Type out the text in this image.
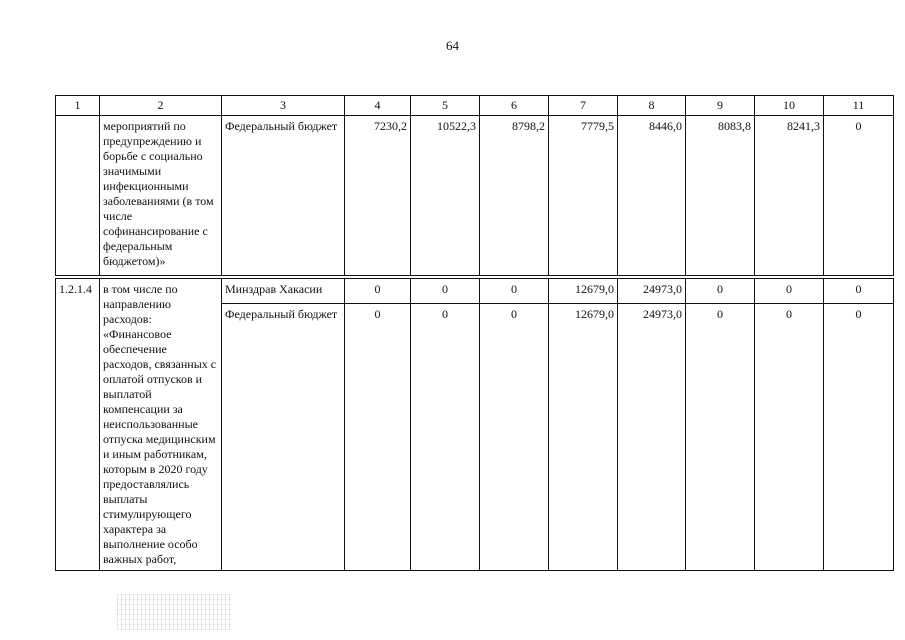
64
1	2	3	4	5	6	7	8	9	10	11
	мероприятий по предупреждению и борьбе с социально значимыми инфекционными заболеваниями (в том числе софинансирование с федеральным бюджетом)»	Федеральный бюджет	7230,2	10522,3	8798,2	7779,5	8446,0	8083,8	8241,3	0

1.2.1.4	в том числе по направлению расходов: «Финансовое обеспечение расходов, связанных с оплатой отпусков и выплатой компенсации за неиспользованные отпуска медицинским и иным работникам, которым в 2020 году предоставлялись выплаты стимулирующего характера за выполнение особо важных работ,	Минздрав Хакасии	0	0	0	12679,0	24973,0	0	0	0
		Федеральный бюджет	0	0	0	12679,0	24973,0	0	0	0
